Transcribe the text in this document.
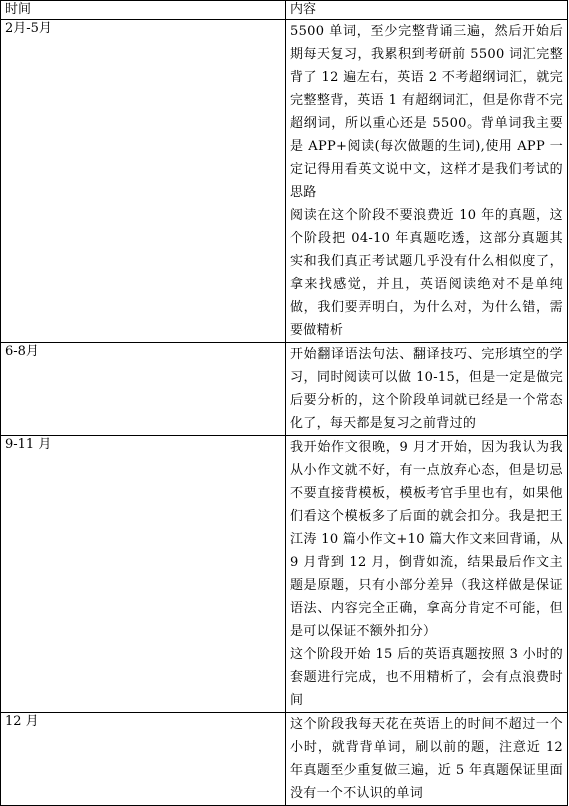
时间	内容
2月-5月	5500 单词，至少完整背诵三遍，然后开始后期每天复习，我累积到考研前 5500 词汇完整背了 12 遍左右，英语 2 不考超纲词汇，就完完整整背，英语 1 有超纲词汇，但是你背不完超纲词，所以重心还是 5500。背单词我主要是 APP+阅读(每次做题的生词),使用 APP 一定记得用看英文说中文，这样才是我们考试的思路

阅读在这个阶段不要浪费近 10 年的真题，这个阶段把 04-10 年真题吃透，这部分真题其实和我们真正考试题几乎没有什么相似度了，拿来找感觉，并且，英语阅读绝对不是单纯做，我们要弄明白，为什么对，为什么错，需要做精析

6-8月	开始翻译语法句法、翻译技巧、完形填空的学习，同时阅读可以做 10-15，但是一定是做完后要分析的，这个阶段单词就已经是一个常态化了，每天都是复习之前背过的

9-11 月	我开始作文很晚，9 月才开始，因为我认为我从小作文就不好，有一点放弃心态，但是切忌不要直接背模板，模板考官手里也有，如果他们看这个模板多了后面的就会扣分。我是把王江涛 10 篇小作文+10 篇大作文来回背诵，从 9 月背到 12 月，倒背如流，结果最后作文主题是原题，只有小部分差异（我这样做是保证语法、内容完全正确，拿高分肯定不可能，但是可以保证不额外扣分）

这个阶段开始 15 后的英语真题按照 3 小时的套题进行完成，也不用精析了，会有点浪费时间

12 月	这个阶段我每天花在英语上的时间不超过一个小时，就背背单词，刷以前的题，注意近 12 年真题至少重复做三遍，近 5 年真题保证里面没有一个不认识的单词
